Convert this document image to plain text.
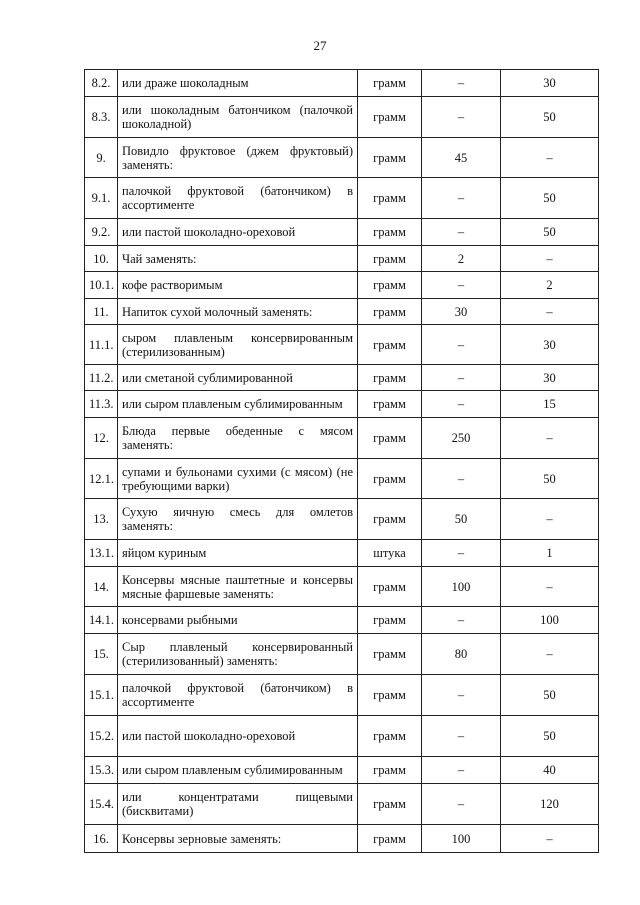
27
8.2.	или драже шоколадным	грамм	–	30
8.3.	или шоколадным батончиком (палочкой шоколадной)	грамм	–	50
9.	Повидло фруктовое (джем фруктовый) заменять:	грамм	45	–
9.1.	палочкой фруктовой (батончиком) в ассортименте	грамм	–	50
9.2.	или пастой шоколадно-ореховой	грамм	–	50
10.	Чай заменять:	грамм	2	–
10.1.	кофе растворимым	грамм	–	2
11.	Напиток сухой молочный заменять:	грамм	30	–
11.1.	сыром плавленым консервированным (стерилизованным)	грамм	–	30
11.2.	или сметаной сублимированной	грамм	–	30
11.3.	или сыром плавленым сублимированным	грамм	–	15
12.	Блюда первые обеденные с мясом заменять:	грамм	250	–
12.1.	супами и бульонами сухими (с мясом) (не требующими варки)	грамм	–	50
13.	Сухую яичную смесь для омлетов заменять:	грамм	50	–
13.1.	яйцом куриным	штука	–	1
14.	Консервы мясные паштетные и консервы мясные фаршевые заменять:	грамм	100	–
14.1.	консервами рыбными	грамм	–	100
15.	Сыр плавленый консервированный (стерилизованный) заменять:	грамм	80	–
15.1.	палочкой фруктовой (батончиком) в ассортименте	грамм	–	50
15.2.	или пастой шоколадно-ореховой	грамм	–	50
15.3.	или сыром плавленым сублимированным	грамм	–	40
15.4.	или концентратами пищевыми (бисквитами)	грамм	–	120
16.	Консервы зерновые заменять:	грамм	100	–
